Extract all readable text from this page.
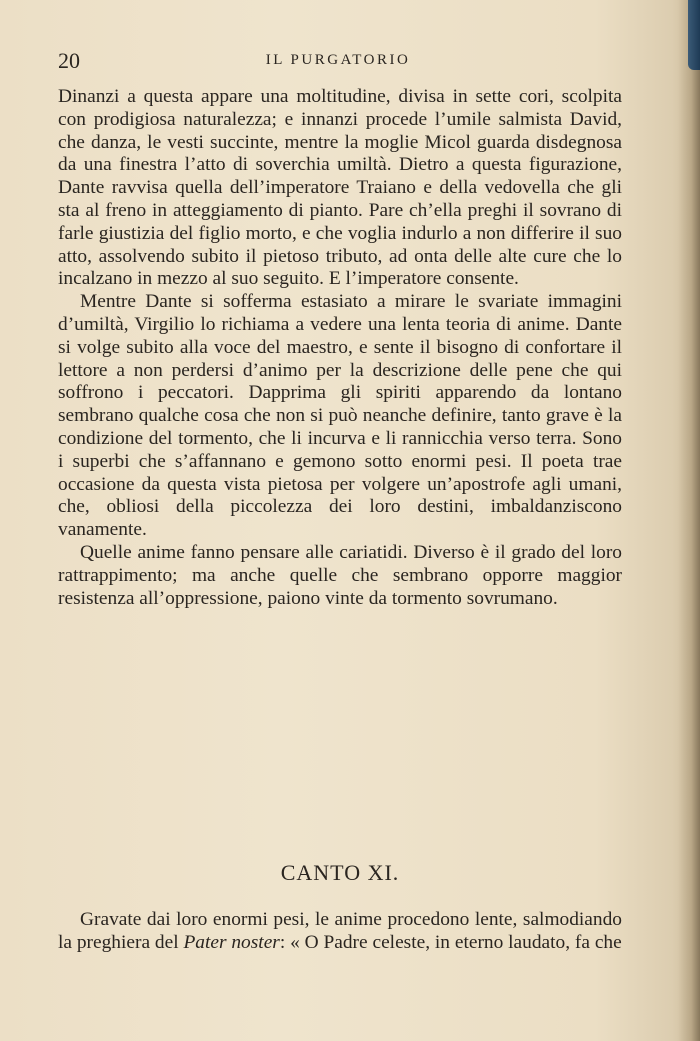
20	IL PURGATORIO

Dinanzi a questa appare una moltitudine, divisa in sette cori, scolpita con prodigiosa naturalezza; e innanzi procede l’umile salmista David, che danza, le vesti succinte, mentre la moglie Micol guarda disdegnosa da una finestra l’atto di soverchia umiltà. Dietro a questa figurazione, Dante ravvisa quella dell’imperatore Traiano e della vedovella che gli sta al freno in atteggiamento di pianto. Pare ch’ella preghi il sovrano di farle giustizia del figlio morto, e che voglia indurlo a non differire il suo atto, assolvendo subito il pietoso tributo, ad onta delle alte cure che lo incalzano in mezzo al suo seguito. E l’imperatore consente.

Mentre Dante si sofferma estasiato a mirare le svariate immagini d’umiltà, Virgilio lo richiama a vedere una lenta teoria di anime. Dante si volge subito alla voce del maestro, e sente il bisogno di confortare il lettore a non perdersi d’animo per la descrizione delle pene che qui soffrono i peccatori. Dapprima gli spiriti apparendo da lontano sembrano qualche cosa che non si può neanche definire, tanto grave è la condizione del tormento, che li incurva e li rannicchia verso terra. Sono i superbi che s’affannano e gemono sotto enormi pesi. Il poeta trae occasione da questa vista pietosa per volgere un’apostrofe agli umani, che, obliosi della piccolezza dei loro destini, imbaldanziscono vanamente.

Quelle anime fanno pensare alle cariatidi. Diverso è il grado del loro rattrappimento; ma anche quelle che sembrano opporre maggior resistenza all’oppressione, paiono vinte da tormento sovrumano.

CANTO XI.

Gravate dai loro enormi pesi, le anime procedono lente, salmodiando la preghiera del Pater noster: « O Padre celeste, in eterno laudato, fa che
